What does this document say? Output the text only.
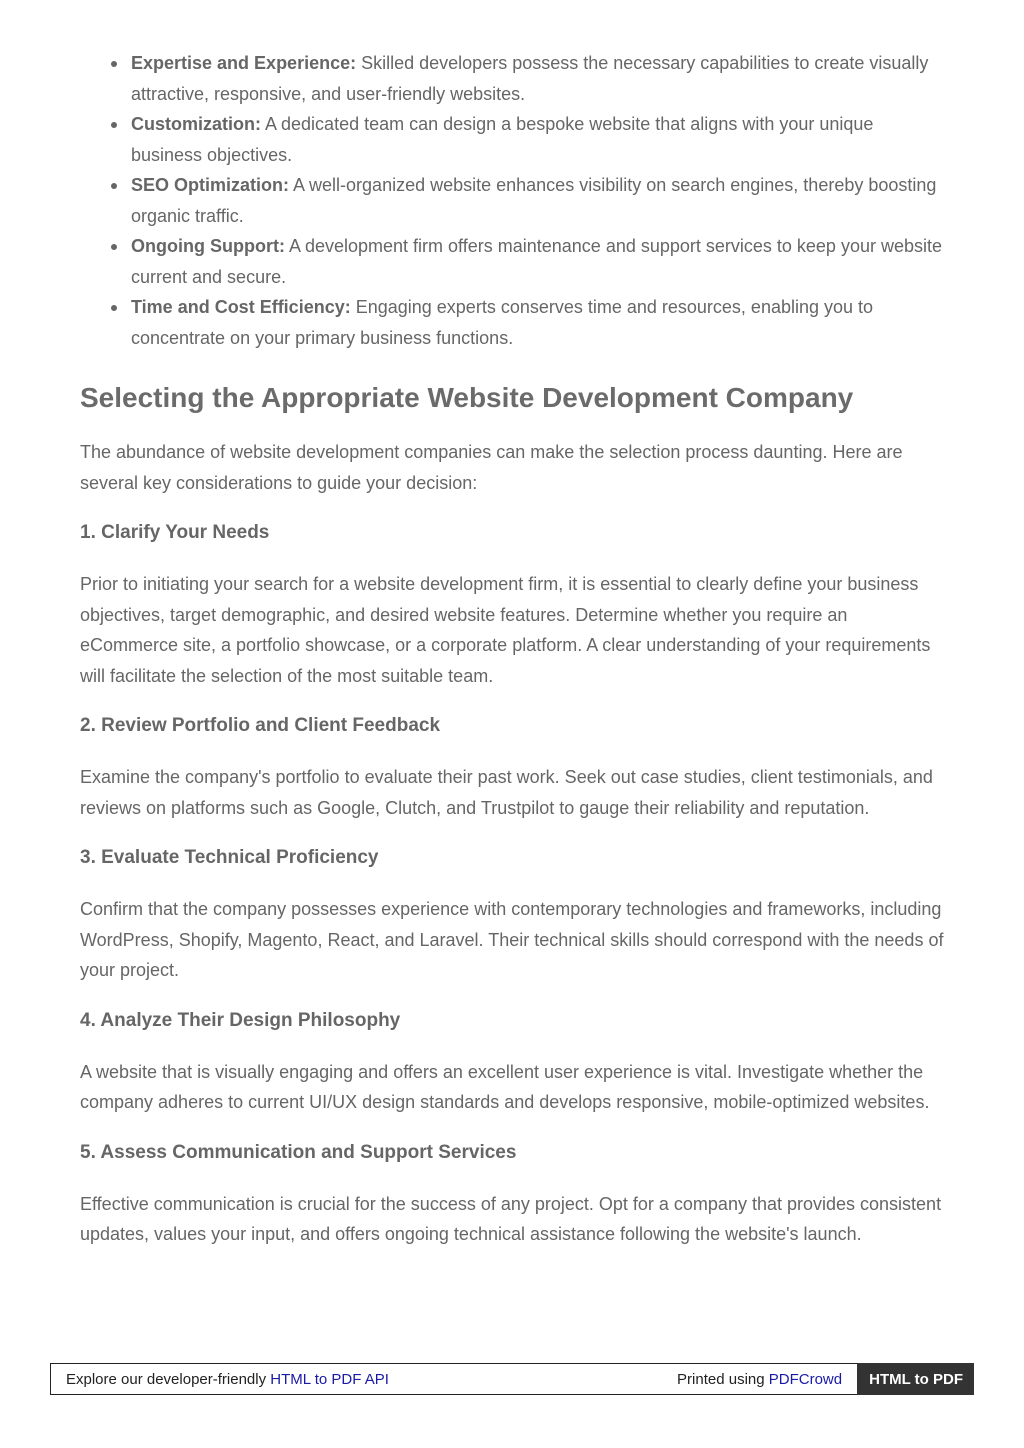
Expertise and Experience: Skilled developers possess the necessary capabilities to create visually attractive, responsive, and user-friendly websites.
Customization: A dedicated team can design a bespoke website that aligns with your unique business objectives.
SEO Optimization: A well-organized website enhances visibility on search engines, thereby boosting organic traffic.
Ongoing Support: A development firm offers maintenance and support services to keep your website current and secure.
Time and Cost Efficiency: Engaging experts conserves time and resources, enabling you to concentrate on your primary business functions.
Selecting the Appropriate Website Development Company

The abundance of website development companies can make the selection process daunting. Here are several key considerations to guide your decision:

1. Clarify Your Needs

Prior to initiating your search for a website development firm, it is essential to clearly define your business objectives, target demographic, and desired website features. Determine whether you require an eCommerce site, a portfolio showcase, or a corporate platform. A clear understanding of your requirements will facilitate the selection of the most suitable team.

2. Review Portfolio and Client Feedback

Examine the company's portfolio to evaluate their past work. Seek out case studies, client testimonials, and reviews on platforms such as Google, Clutch, and Trustpilot to gauge their reliability and reputation.

3. Evaluate Technical Proficiency

Confirm that the company possesses experience with contemporary technologies and frameworks, including WordPress, Shopify, Magento, React, and Laravel. Their technical skills should correspond with the needs of your project.

4. Analyze Their Design Philosophy

A website that is visually engaging and offers an excellent user experience is vital. Investigate whether the company adheres to current UI/UX design standards and develops responsive, mobile-optimized websites.

5. Assess Communication and Support Services

Effective communication is crucial for the success of any project. Opt for a company that provides consistent updates, values your input, and offers ongoing technical assistance following the website's launch.

Explore our developer-friendly HTML to PDF API	Printed using PDFCrowd	HTML to PDF
